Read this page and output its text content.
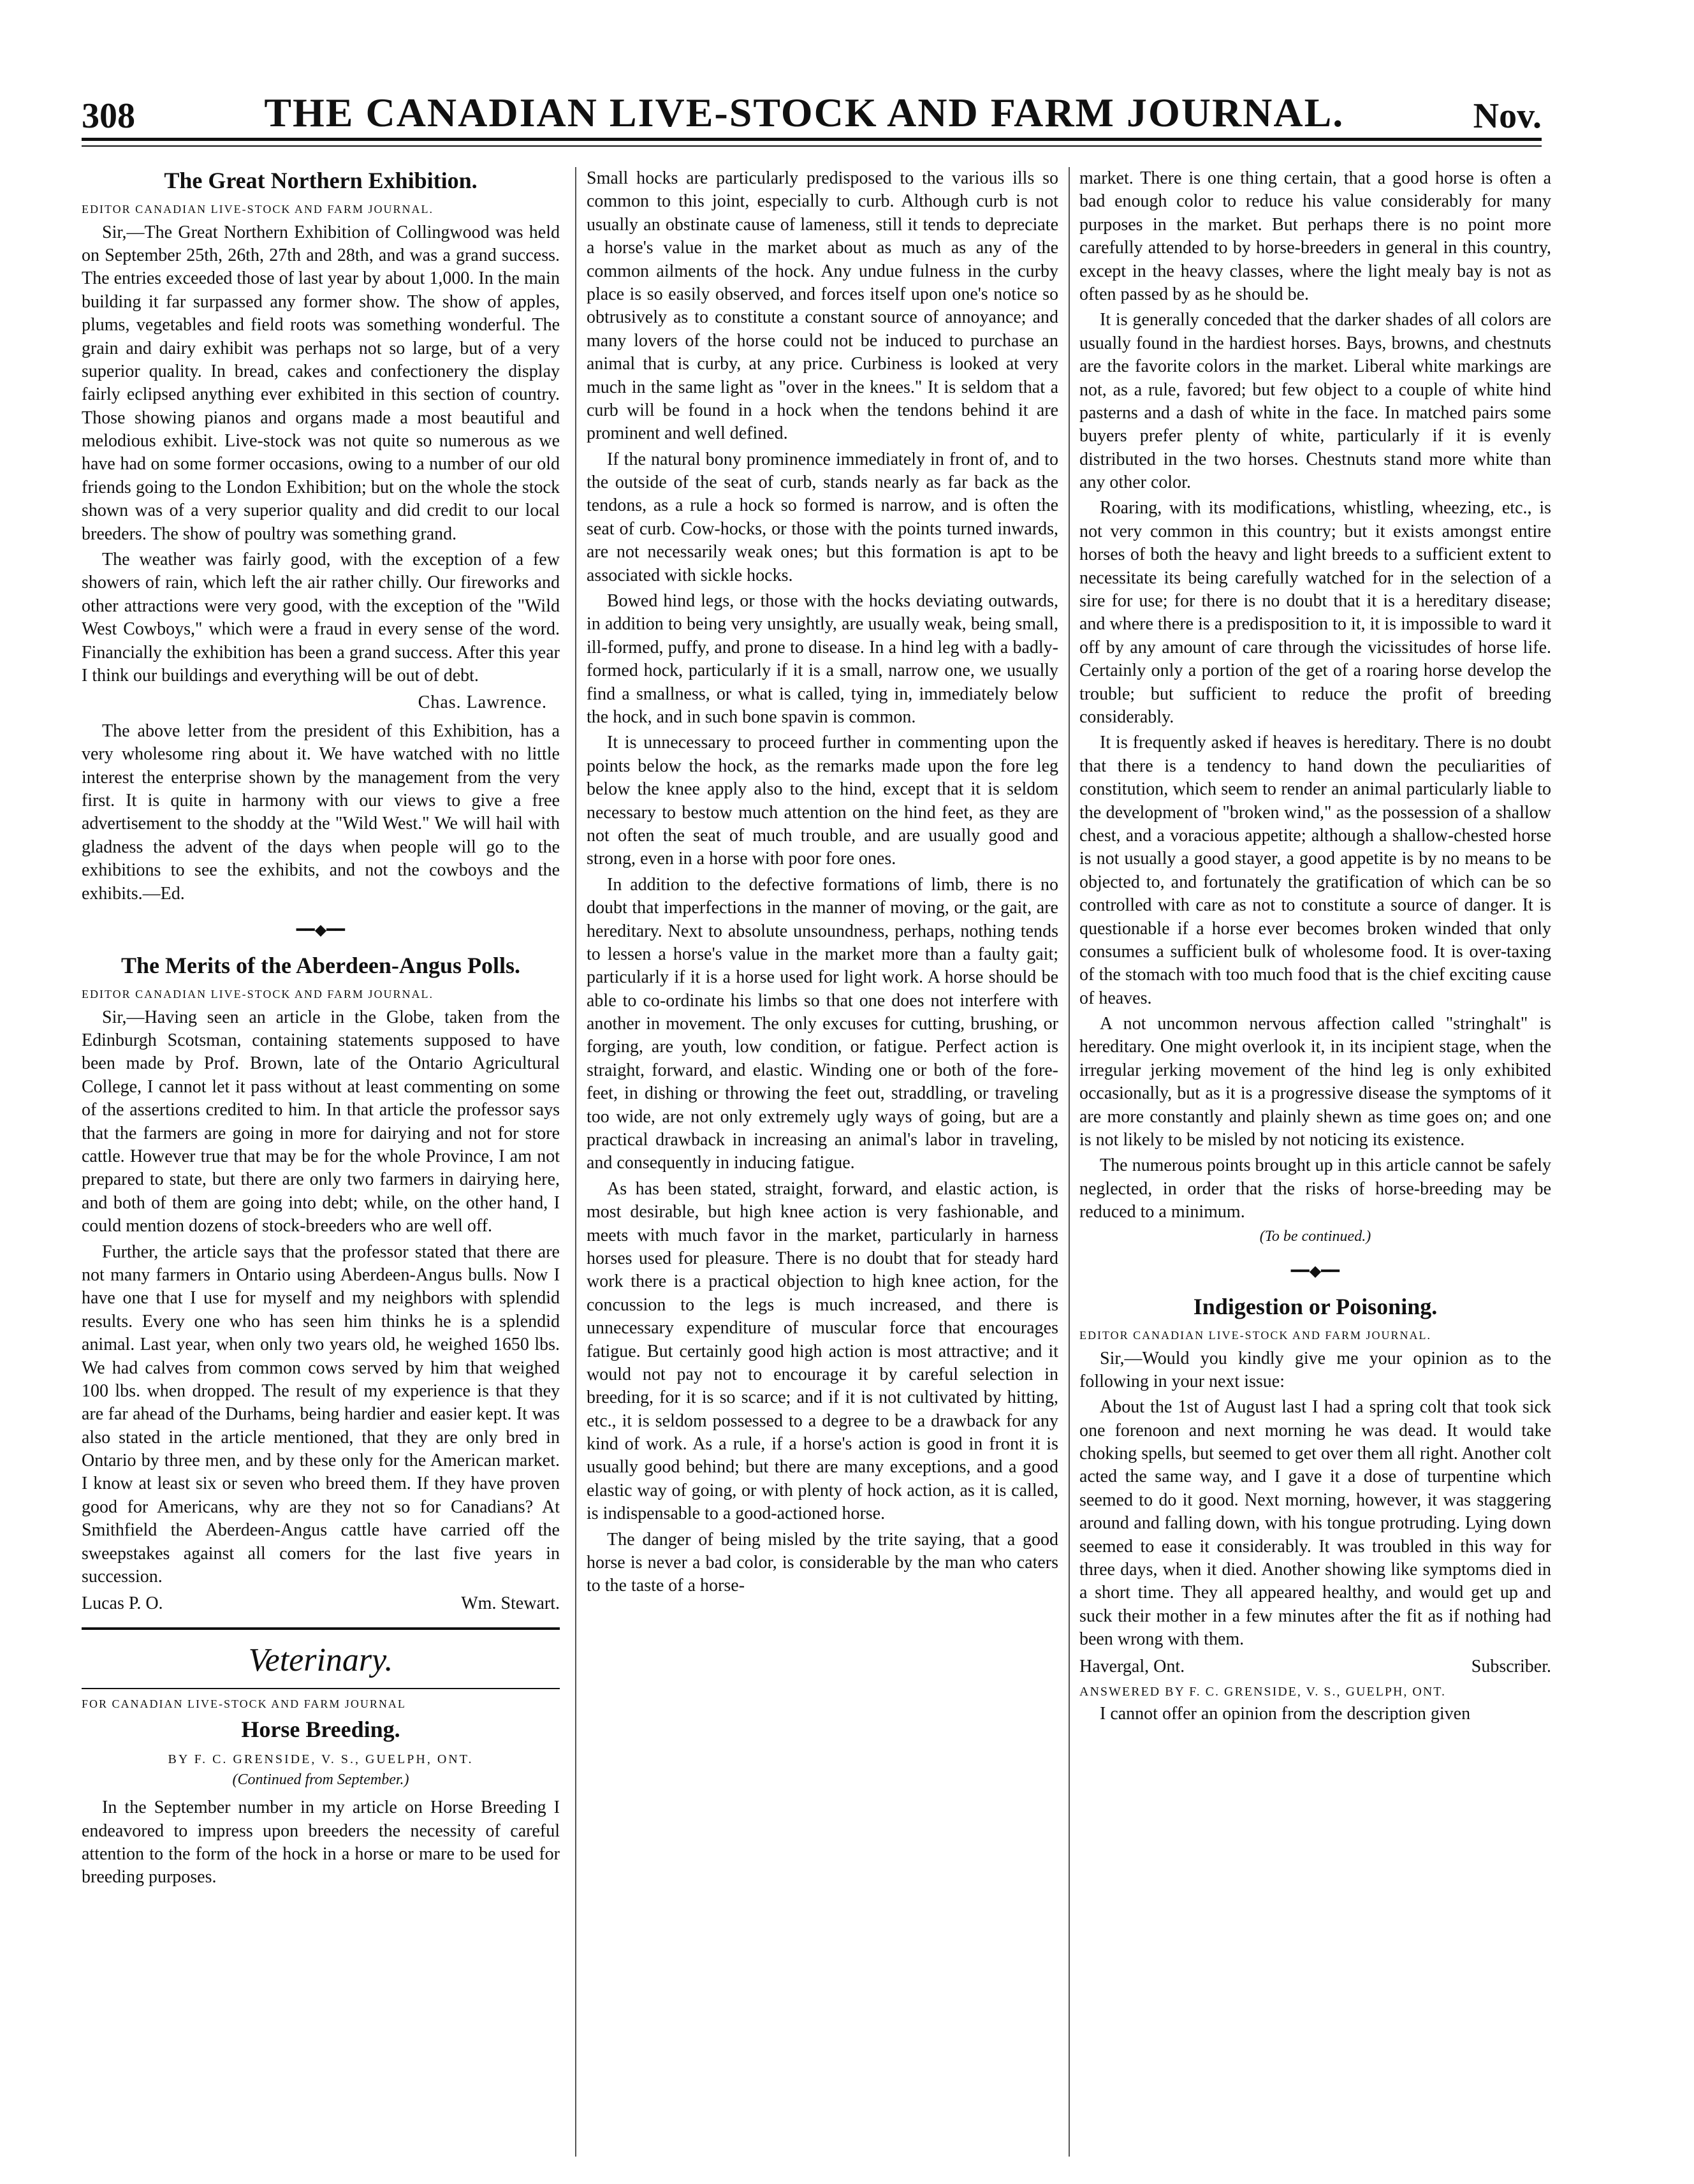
308	THE CANADIAN LIVE-STOCK AND FARM JOURNAL.	Nov.
The Great Northern Exhibition.
EDITOR CANADIAN LIVE-STOCK AND FARM JOURNAL.

Sir,—The Great Northern Exhibition of Collingwood was held on September 25th, 26th, 27th and 28th, and was a grand success. The entries exceeded those of last year by about 1,000. In the main building it far surpassed any former show. The show of apples, plums, vegetables and field roots was something wonderful. The grain and dairy exhibit was perhaps not so large, but of a very superior quality. In bread, cakes and confectionery the display fairly eclipsed anything ever exhibited in this section of country. Those showing pianos and organs made a most beautiful and melodious exhibit. Live-stock was not quite so numerous as we have had on some former occasions, owing to a number of our old friends going to the London Exhibition; but on the whole the stock shown was of a very superior quality and did credit to our local breeders. The show of poultry was something grand.

The weather was fairly good, with the exception of a few showers of rain, which left the air rather chilly. Our fireworks and other attractions were very good, with the exception of the "Wild West Cowboys," which were a fraud in every sense of the word. Financially the exhibition has been a grand success. After this year I think our buildings and everything will be out of debt.

Chas. Lawrence.

The above letter from the president of this Exhibition, has a very wholesome ring about it. We have watched with no little interest the enterprise shown by the management from the very first. It is quite in harmony with our views to give a free advertisement to the shoddy at the "Wild West." We will hail with gladness the advent of the days when people will go to the exhibitions to see the exhibits, and not the cowboys and the exhibits.—Ed.

━━◆━━
The Merits of the Aberdeen-Angus Polls.
EDITOR CANADIAN LIVE-STOCK AND FARM JOURNAL.

Sir,—Having seen an article in the Globe, taken from the Edinburgh Scotsman, containing statements supposed to have been made by Prof. Brown, late of the Ontario Agricultural College, I cannot let it pass without at least commenting on some of the assertions credited to him. In that article the professor says that the farmers are going in more for dairying and not for store cattle. However true that may be for the whole Province, I am not prepared to state, but there are only two farmers in dairying here, and both of them are going into debt; while, on the other hand, I could mention dozens of stock-breeders who are well off.

Further, the article says that the professor stated that there are not many farmers in Ontario using Aberdeen-Angus bulls. Now I have one that I use for myself and my neighbors with splendid results. Every one who has seen him thinks he is a splendid animal. Last year, when only two years old, he weighed 1650 lbs. We had calves from common cows served by him that weighed 100 lbs. when dropped. The result of my experience is that they are far ahead of the Durhams, being hardier and easier kept. It was also stated in the article mentioned, that they are only bred in Ontario by three men, and by these only for the American market. I know at least six or seven who breed them. If they have proven good for Americans, why are they not so for Canadians? At Smithfield the Aberdeen-Angus cattle have carried off the sweepstakes against all comers for the last five years in succession.

Lucas P. O.	Wm. Stewart.
Veterinary.
FOR CANADIAN LIVE-STOCK AND FARM JOURNAL
Horse Breeding.
BY F. C. GRENSIDE, V. S., GUELPH, ONT.
(Continued from September.)

In the September number in my article on Horse Breeding I endeavored to impress upon breeders the necessity of careful attention to the form of the hock in a horse or mare to be used for breeding purposes.

Small hocks are particularly predisposed to the various ills so common to this joint, especially to curb. Although curb is not usually an obstinate cause of lameness, still it tends to depreciate a horse's value in the market about as much as any of the common ailments of the hock. Any undue fulness in the curby place is so easily observed, and forces itself upon one's notice so obtrusively as to constitute a constant source of annoyance; and many lovers of the horse could not be induced to purchase an animal that is curby, at any price. Curbiness is looked at very much in the same light as "over in the knees." It is seldom that a curb will be found in a hock when the tendons behind it are prominent and well defined.

If the natural bony prominence immediately in front of, and to the outside of the seat of curb, stands nearly as far back as the tendons, as a rule a hock so formed is narrow, and is often the seat of curb. Cow-hocks, or those with the points turned inwards, are not necessarily weak ones; but this formation is apt to be associated with sickle hocks.

Bowed hind legs, or those with the hocks deviating outwards, in addition to being very unsightly, are usually weak, being small, ill-formed, puffy, and prone to disease. In a hind leg with a badly-formed hock, particularly if it is a small, narrow one, we usually find a smallness, or what is called, tying in, immediately below the hock, and in such bone spavin is common.

It is unnecessary to proceed further in commenting upon the points below the hock, as the remarks made upon the fore leg below the knee apply also to the hind, except that it is seldom necessary to bestow much attention on the hind feet, as they are not often the seat of much trouble, and are usually good and strong, even in a horse with poor fore ones.

In addition to the defective formations of limb, there is no doubt that imperfections in the manner of moving, or the gait, are hereditary. Next to absolute unsoundness, perhaps, nothing tends to lessen a horse's value in the market more than a faulty gait; particularly if it is a horse used for light work. A horse should be able to co-ordinate his limbs so that one does not interfere with another in movement. The only excuses for cutting, brushing, or forging, are youth, low condition, or fatigue. Perfect action is straight, forward, and elastic. Winding one or both of the fore-feet, in dishing or throwing the feet out, straddling, or traveling too wide, are not only extremely ugly ways of going, but are a practical drawback in increasing an animal's labor in traveling, and consequently in inducing fatigue.

As has been stated, straight, forward, and elastic action, is most desirable, but high knee action is very fashionable, and meets with much favor in the market, particularly in harness horses used for pleasure. There is no doubt that for steady hard work there is a practical objection to high knee action, for the concussion to the legs is much increased, and there is unnecessary expenditure of muscular force that encourages fatigue. But certainly good high action is most attractive; and it would not pay not to encourage it by careful selection in breeding, for it is so scarce; and if it is not cultivated by hitting, etc., it is seldom possessed to a degree to be a drawback for any kind of work. As a rule, if a horse's action is good in front it is usually good behind; but there are many exceptions, and a good elastic way of going, or with plenty of hock action, as it is called, is indispensable to a good-actioned horse.

The danger of being misled by the trite saying, that a good horse is never a bad color, is considerable by the man who caters to the taste of a horse-

market. There is one thing certain, that a good horse is often a bad enough color to reduce his value considerably for many purposes in the market. But perhaps there is no point more carefully attended to by horse-breeders in general in this country, except in the heavy classes, where the light mealy bay is not as often passed by as he should be.

It is generally conceded that the darker shades of all colors are usually found in the hardiest horses. Bays, browns, and chestnuts are the favorite colors in the market. Liberal white markings are not, as a rule, favored; but few object to a couple of white hind pasterns and a dash of white in the face. In matched pairs some buyers prefer plenty of white, particularly if it is evenly distributed in the two horses. Chestnuts stand more white than any other color.

Roaring, with its modifications, whistling, wheezing, etc., is not very common in this country; but it exists amongst entire horses of both the heavy and light breeds to a sufficient extent to necessitate its being carefully watched for in the selection of a sire for use; for there is no doubt that it is a hereditary disease; and where there is a predisposition to it, it is impossible to ward it off by any amount of care through the vicissitudes of horse life. Certainly only a portion of the get of a roaring horse develop the trouble; but sufficient to reduce the profit of breeding considerably.

It is frequently asked if heaves is hereditary. There is no doubt that there is a tendency to hand down the peculiarities of constitution, which seem to render an animal particularly liable to the development of "broken wind," as the possession of a shallow chest, and a voracious appetite; although a shallow-chested horse is not usually a good stayer, a good appetite is by no means to be objected to, and fortunately the gratification of which can be so controlled with care as not to constitute a source of danger. It is questionable if a horse ever becomes broken winded that only consumes a sufficient bulk of wholesome food. It is over-taxing of the stomach with too much food that is the chief exciting cause of heaves.

A not uncommon nervous affection called "stringhalt" is hereditary. One might overlook it, in its incipient stage, when the irregular jerking movement of the hind leg is only exhibited occasionally, but as it is a progressive disease the symptoms of it are more constantly and plainly shewn as time goes on; and one is not likely to be misled by not noticing its existence.

The numerous points brought up in this article cannot be safely neglected, in order that the risks of horse-breeding may be reduced to a minimum.

(To be continued.)
━━◆━━
Indigestion or Poisoning.
EDITOR CANADIAN LIVE-STOCK AND FARM JOURNAL.

Sir,—Would you kindly give me your opinion as to the following in your next issue:

About the 1st of August last I had a spring colt that took sick one forenoon and next morning he was dead. It would take choking spells, but seemed to get over them all right. Another colt acted the same way, and I gave it a dose of turpentine which seemed to do it good. Next morning, however, it was staggering around and falling down, with his tongue protruding. Lying down seemed to ease it considerably. It was troubled in this way for three days, when it died. Another showing like symptoms died in a short time. They all appeared healthy, and would get up and suck their mother in a few minutes after the fit as if nothing had been wrong with them.

Havergal, Ont.	Subscriber.
ANSWERED BY F. C. GRENSIDE, V. S., GUELPH, ONT.

I cannot offer an opinion from the description given
